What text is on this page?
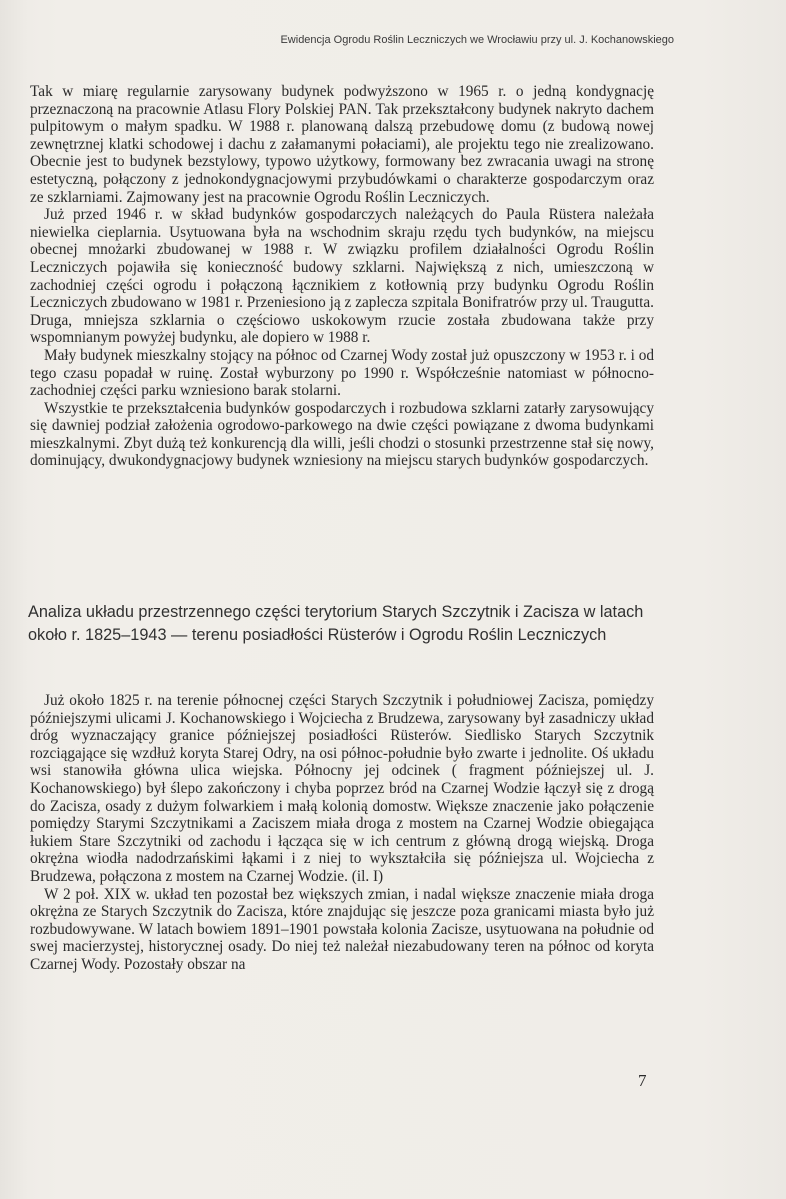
Ewidencja Ogrodu Roślin Leczniczych we Wrocławiu przy ul. J. Kochanowskiego

Tak w miarę regularnie zarysowany budynek podwyższono w 1965 r. o jedną kondygnację przeznaczoną na pracownie Atlasu Flory Polskiej PAN. Tak przekształcony budynek nakryto dachem pulpitowym o małym spadku. W 1988 r. planowaną dalszą przebudowę domu (z budową nowej zewnętrznej klatki schodowej i dachu z załamanymi połaciami), ale projektu tego nie zrealizowano. Obecnie jest to budynek bezstylowy, typowo użytkowy, formowany bez zwracania uwagi na stronę estetyczną, połączony z jednokondygnacjowymi przybudówkami o charakterze gospodarczym oraz ze szklarniami. Zajmowany jest na pracownie Ogrodu Roślin Leczniczych.

Już przed 1946 r. w skład budynków gospodarczych należących do Paula Rüstera należała niewielka cieplarnia. Usytuowana była na wschodnim skraju rzędu tych budynków, na miejscu obecnej mnożarki zbudowanej w 1988 r. W związku profilem działalności Ogrodu Roślin Leczniczych pojawiła się konieczność budowy szklarni. Największą z nich, umieszczoną w zachodniej części ogrodu i połączoną łącznikiem z kotłownią przy budynku Ogrodu Roślin Leczniczych zbudowano w 1981 r. Przeniesiono ją z zaplecza szpitala Bonifratrów przy ul. Traugutta. Druga, mniejsza szklarnia o częściowo uskokowym rzucie została zbudowana także przy wspomnianym powyżej budynku, ale dopiero w 1988 r.

Mały budynek mieszkalny stojący na północ od Czarnej Wody został już opuszczony w 1953 r. i od tego czasu popadał w ruinę. Został wyburzony po 1990 r. Współcześnie natomiast w północno-zachodniej części parku wzniesiono barak stolarni.

Wszystkie te przekształcenia budynków gospodarczych i rozbudowa szklarni zatarły zarysowujący się dawniej podział założenia ogrodowo-parkowego na dwie części powiązane z dwoma budynkami mieszkalnymi. Zbyt dużą też konkurencją dla willi, jeśli chodzi o stosunki przestrzenne stał się nowy, dominujący, dwukondygnacjowy budynek wzniesiony na miejscu starych budynków gospodarczych.

Analiza układu przestrzennego części terytorium Starych Szczytnik i Zacisza w latach około r. 1825–1943 — terenu posiadłości Rüsterów i Ogrodu Roślin Leczniczych

Już około 1825 r. na terenie północnej części Starych Szczytnik i południowej Zacisza, pomiędzy późniejszymi ulicami J. Kochanowskiego i Wojciecha z Brudzewa, zarysowany był zasadniczy układ dróg wyznaczający granice późniejszej posiadłości Rüsterów. Siedlisko Starych Szczytnik rozciągające się wzdłuż koryta Starej Odry, na osi północ-południe było zwarte i jednolite. Oś układu wsi stanowiła główna ulica wiejska. Północny jej odcinek ( fragment późniejszej ul. J. Kochanowskiego) był ślepo zakończony i chyba poprzez bród na Czarnej Wodzie łączył się z drogą do Zacisza, osady z dużym folwarkiem i małą kolonią domostw. Większe znaczenie jako połączenie pomiędzy Starymi Szczytnikami a Zaciszem miała droga z mostem na Czarnej Wodzie obiegająca łukiem Stare Szczytniki od zachodu i łącząca się w ich centrum z główną drogą wiejską. Droga okrężna wiodła nadodrzańskimi łąkami i z niej to wykształciła się późniejsza ul. Wojciecha z Brudzewa, połączona z mostem na Czarnej Wodzie. (il. I)

W 2 poł. XIX w. układ ten pozostał bez większych zmian, i nadal większe znaczenie miała droga okrężna ze Starych Szczytnik do Zacisza, które znajdując się jeszcze poza granicami miasta było już rozbudowywane. W latach bowiem 1891–1901 powstała kolonia Zacisze, usytuowana na południe od swej macierzystej, historycznej osady. Do niej też należał niezabudowany teren na północ od koryta Czarnej Wody. Pozostały obszar na

7
